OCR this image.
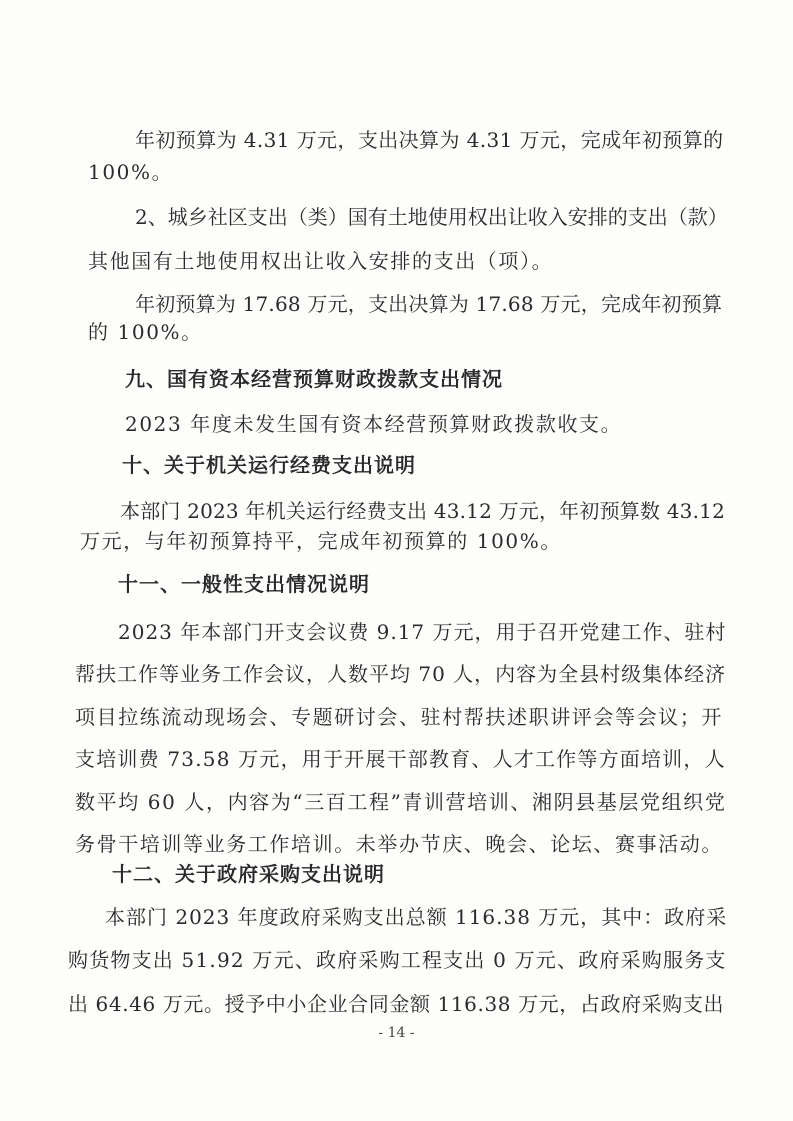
年初预算为 4.31 万元，支出决算为 4.31 万元，完成年初预算的
100%。
2、城乡社区支出（类）国有土地使用权出让收入安排的支出（款）
其他国有土地使用权出让收入安排的支出（项）。
年初预算为 17.68 万元，支出决算为 17.68 万元，完成年初预算
的 100%。
九、国有资本经营预算财政拨款支出情况
2023 年度未发生国有资本经营预算财政拨款收支。
十、关于机关运行经费支出说明
本部门 2023 年机关运行经费支出 43.12 万元，年初预算数 43.12
万元，与年初预算持平，完成年初预算的 100%。
十一、一般性支出情况说明
2023 年本部门开支会议费 9.17 万元，用于召开党建工作、驻村
帮扶工作等业务工作会议，人数平均 70 人，内容为全县村级集体经济
项目拉练流动现场会、专题研讨会、驻村帮扶述职讲评会等会议；开
支培训费 73.58 万元，用于开展干部教育、人才工作等方面培训，人
数平均 60 人，内容为“三百工程”青训营培训、湘阴县基层党组织党
务骨干培训等业务工作培训。未举办节庆、晚会、论坛、赛事活动。
十二、关于政府采购支出说明
本部门 2023 年度政府采购支出总额 116.38 万元，其中：政府采
购货物支出 51.92 万元、政府采购工程支出 0 万元、政府采购服务支
出 64.46 万元。授予中小企业合同金额 116.38 万元，占政府采购支出
- 14 -
